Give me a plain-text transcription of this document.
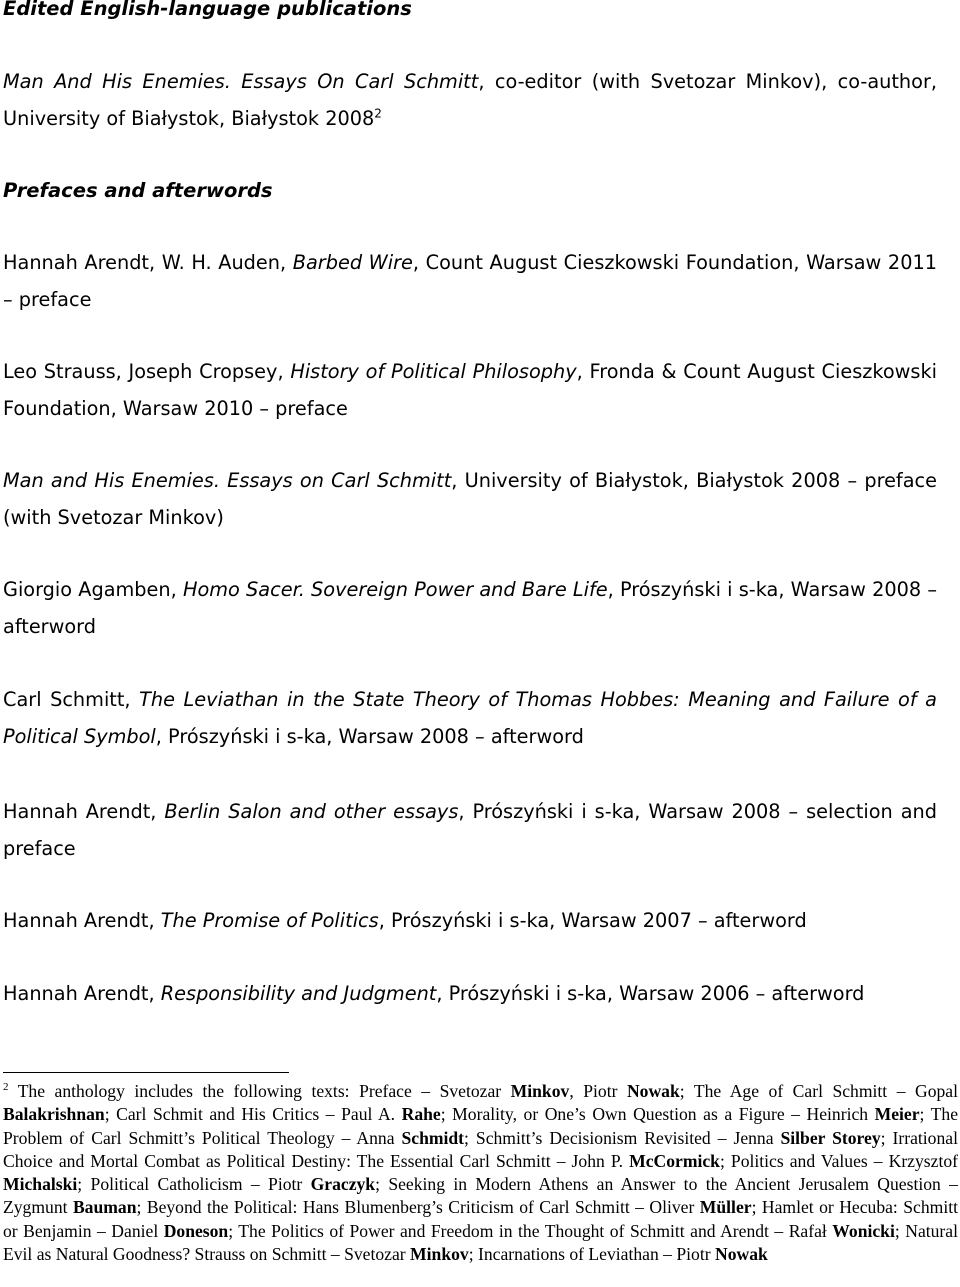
Edited English-language publications

Man And His Enemies. Essays On Carl Schmitt, co-editor (with Svetozar Minkov), co-author, University of Białystok, Białystok 2008$^2$

Prefaces and afterwords

Hannah Arendt, W. H. Auden, Barbed Wire, Count August Cieszkowski Foundation, Warsaw 2011 – preface

Leo Strauss, Joseph Cropsey, History of Political Philosophy, Fronda & Count August Cieszkowski Foundation, Warsaw 2010 – preface

Man and His Enemies. Essays on Carl Schmitt, University of Białystok, Białystok 2008 – preface (with Svetozar Minkov)

Giorgio Agamben, Homo Sacer. Sovereign Power and Bare Life, Prószyński i s-ka, Warsaw 2008 – afterword

Carl Schmitt, The Leviathan in the State Theory of Thomas Hobbes: Meaning and Failure of a Political Symbol, Prószyński i s-ka, Warsaw 2008 – afterword

Hannah Arendt, Berlin Salon and other essays, Prószyński i s-ka, Warsaw 2008 – selection and preface

Hannah Arendt, The Promise of Politics, Prószyński i s-ka, Warsaw 2007 – afterword

Hannah Arendt, Responsibility and Judgment, Prószyński i s-ka, Warsaw 2006 – afterword

$^2$ The anthology includes the following texts: Preface – Svetozar Minkov, Piotr Nowak; The Age of Carl Schmitt – Gopal Balakrishnan; Carl Schmit and His Critics – Paul A. Rahe; Morality, or One’s Own Question as a Figure – Heinrich Meier; The Problem of Carl Schmitt’s Political Theology – Anna Schmidt; Schmitt’s Decisionism Revisited – Jenna Silber Storey; Irrational Choice and Mortal Combat as Political Destiny: The Essential Carl Schmitt – John P. McCormick; Politics and Values – Krzysztof Michalski; Political Catholicism – Piotr Graczyk; Seeking in Modern Athens an Answer to the Ancient Jerusalem Question – Zygmunt Bauman; Beyond the Political: Hans Blumenberg’s Criticism of Carl Schmitt – Oliver Müller; Hamlet or Hecuba: Schmitt or Benjamin – Daniel Doneson; The Politics of Power and Freedom in the Thought of Schmitt and Arendt – Rafał Wonicki; Natural Evil as Natural Goodness? Strauss on Schmitt – Svetozar Minkov; Incarnations of Leviathan – Piotr Nowak
